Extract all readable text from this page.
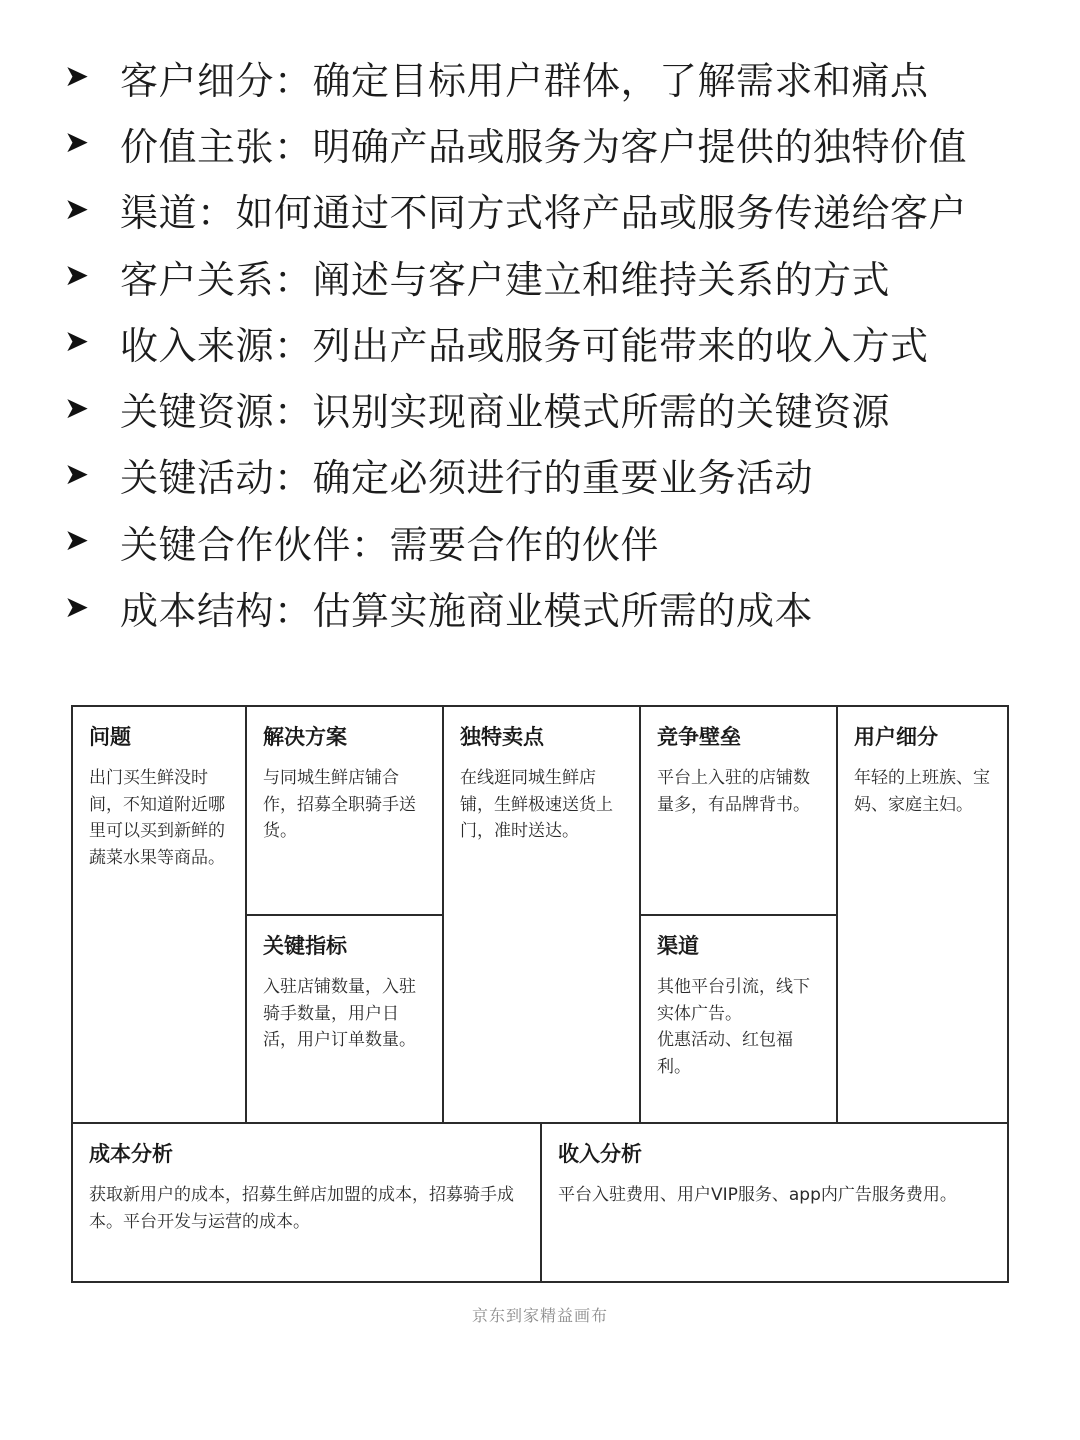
➤ 客户细分：确定目标用户群体，了解需求和痛点
➤ 价值主张：明确产品或服务为客户提供的独特价值
➤ 渠道：如何通过不同方式将产品或服务传递给客户
➤ 客户关系：阐述与客户建立和维持关系的方式
➤ 收入来源：列出产品或服务可能带来的收入方式
➤ 关键资源：识别实现商业模式所需的关键资源
➤ 关键活动：确定必须进行的重要业务活动
➤ 关键合作伙伴：需要合作的伙伴
➤ 成本结构：估算实施商业模式所需的成本
问题
出门买生鲜没时间，不知道附近哪里可以买到新鲜的蔬菜水果等商品。
解决方案
与同城生鲜店铺合作，招募全职骑手送货。
关键指标
入驻店铺数量，入驻骑手数量，用户日活，用户订单数量。
独特卖点
在线逛同城生鲜店铺，生鲜极速送货上门，准时送达。
竞争壁垒
平台上入驻的店铺数量多，有品牌背书。
渠道
其他平台引流，线下实体广告。
优惠活动、红包福利。
用户细分
年轻的上班族、宝妈、家庭主妇。
成本分析
获取新用户的成本，招募生鲜店加盟的成本，招募骑手成本。平台开发与运营的成本。
收入分析
平台入驻费用、用户VIP服务、app内广告服务费用。
京东到家精益画布
